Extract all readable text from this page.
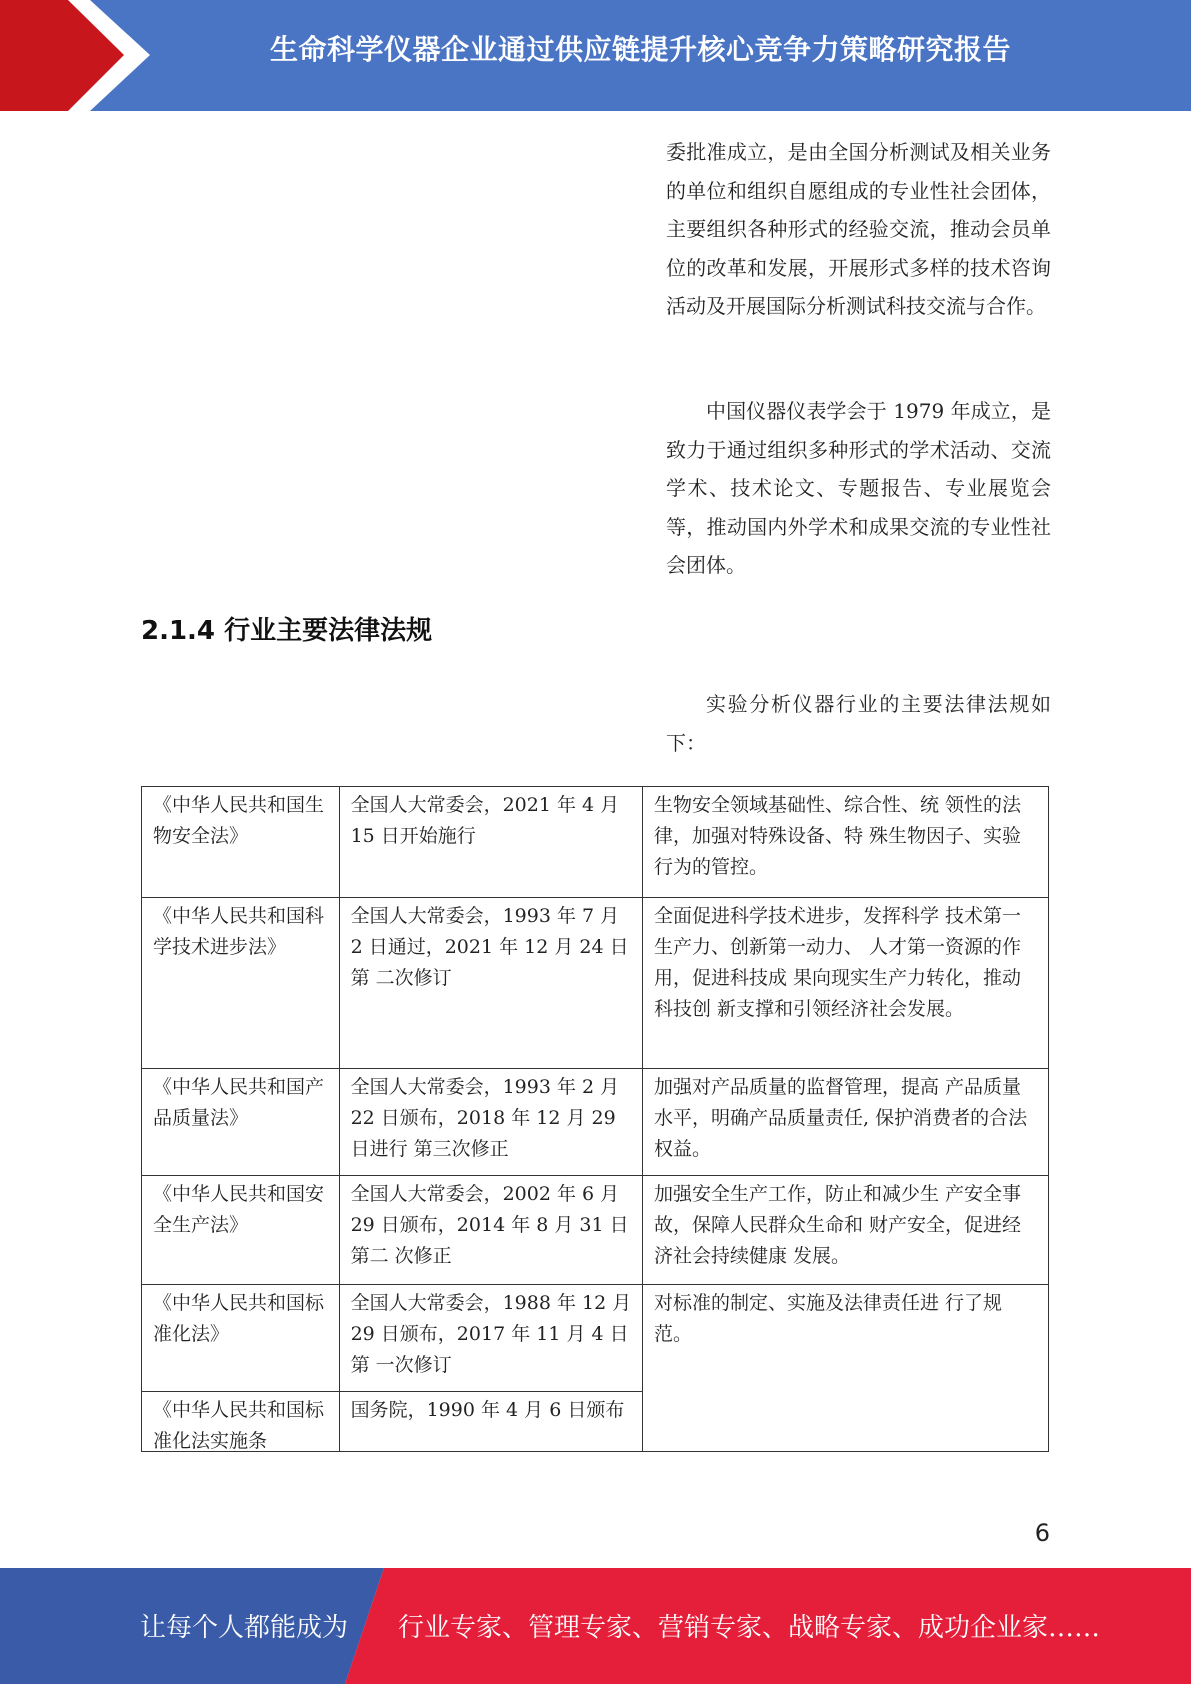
生命科学仪器企业通过供应链提升核心竞争力策略研究报告

委批准成立，是由全国分析测试及相关业务的单位和组织自愿组成的专业性社会团体，主要组织各种形式的经验交流，推动会员单位的改革和发展，开展形式多样的技术咨询活动及开展国际分析测试科技交流与合作。

中国仪器仪表学会于 1979 年成立，是致力于通过组织多种形式的学术活动、交流学术、技术论文、专题报告、专业展览会等，推动国内外学术和成果交流的专业性社会团体。

2.1.4 行业主要法律法规

实验分析仪器行业的主要法律法规如下：

《中华人民共和国生 物安全法》	全国人大常委会，2021 年 4 月 15 日开始施行	生物安全领域基础性、综合性、统 领性的法律，加强对特殊设备、特 殊生物因子、实验行为的管控。
《中华人民共和国科 学技术进步法》	全国人大常委会，1993 年 7 月 2 日通过，2021 年 12 月 24 日第 二次修订	全面促进科学技术进步，发挥科学 技术第一生产力、创新第一动力、 人才第一资源的作用，促进科技成 果向现实生产力转化，推动科技创 新支撑和引领经济社会发展。
《中华人民共和国产 品质量法》	全国人大常委会，1993 年 2 月 22 日颁布，2018 年 12 月 29 日进行 第三次修正	加强对产品质量的监督管理，提高 产品质量水平，明确产品质量责任, 保护消费者的合法权益。
《中华人民共和国安 全生产法》	全国人大常委会，2002 年 6 月 29 日颁布，2014 年 8 月 31 日第二 次修正	加强安全生产工作，防止和减少生 产安全事故，保障人民群众生命和 财产安全，促进经济社会持续健康 发展。
《中华人民共和国标 准化法》	全国人大常委会，1988 年 12 月 29 日颁布，2017 年 11 月 4 日第 一次修订	对标准的制定、实施及法律责任进 行了规范。

《中华人民共和国标 准化法实施条	国务院，1990 年 4 月 6 日颁布	
6
让每个人都能成为 行业专家、管理专家、营销专家、战略专家、成功企业家……
